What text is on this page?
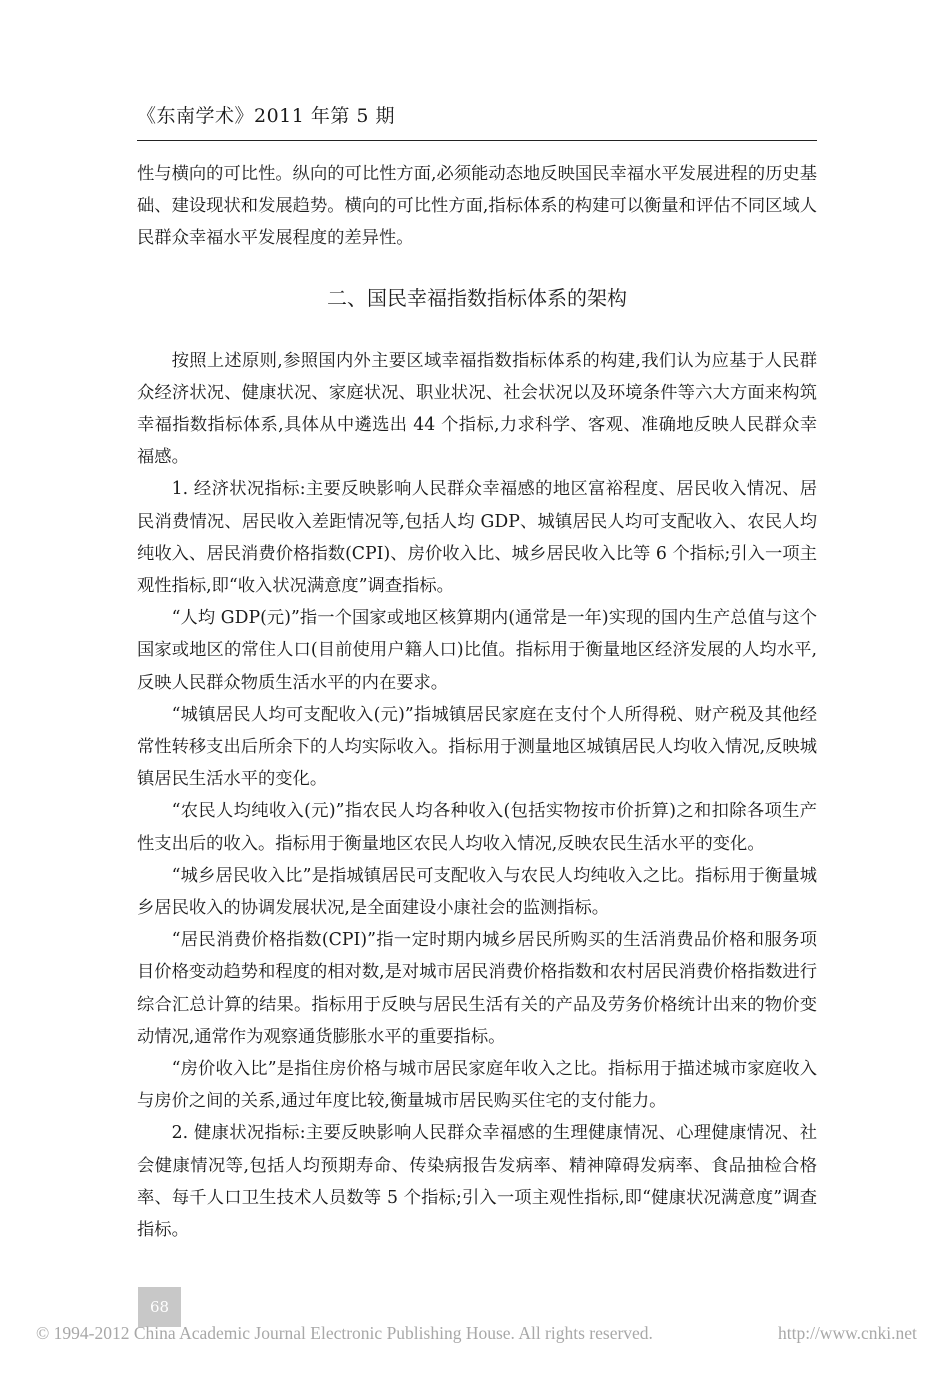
《东南学术》2011 年第 5 期

性与横向的可比性。纵向的可比性方面,必须能动态地反映国民幸福水平发展进程的历史基础、建设现状和发展趋势。横向的可比性方面,指标体系的构建可以衡量和评估不同区域人民群众幸福水平发展程度的差异性。

二、国民幸福指数指标体系的架构

按照上述原则,参照国内外主要区域幸福指数指标体系的构建,我们认为应基于人民群众经济状况、健康状况、家庭状况、职业状况、社会状况以及环境条件等六大方面来构筑幸福指数指标体系,具体从中遴选出 44 个指标,力求科学、客观、准确地反映人民群众幸福感。

1. 经济状况指标:主要反映影响人民群众幸福感的地区富裕程度、居民收入情况、居民消费情况、居民收入差距情况等,包括人均 GDP、城镇居民人均可支配收入、农民人均纯收入、居民消费价格指数(CPI)、房价收入比、城乡居民收入比等 6 个指标;引入一项主观性指标,即“收入状况满意度”调查指标。

“人均 GDP(元)”指一个国家或地区核算期内(通常是一年)实现的国内生产总值与这个国家或地区的常住人口(目前使用户籍人口)比值。指标用于衡量地区经济发展的人均水平,反映人民群众物质生活水平的内在要求。

“城镇居民人均可支配收入(元)”指城镇居民家庭在支付个人所得税、财产税及其他经常性转移支出后所余下的人均实际收入。指标用于测量地区城镇居民人均收入情况,反映城镇居民生活水平的变化。

“农民人均纯收入(元)”指农民人均各种收入(包括实物按市价折算)之和扣除各项生产性支出后的收入。指标用于衡量地区农民人均收入情况,反映农民生活水平的变化。

“城乡居民收入比”是指城镇居民可支配收入与农民人均纯收入之比。指标用于衡量城乡居民收入的协调发展状况,是全面建设小康社会的监测指标。

“居民消费价格指数(CPI)”指一定时期内城乡居民所购买的生活消费品价格和服务项目价格变动趋势和程度的相对数,是对城市居民消费价格指数和农村居民消费价格指数进行综合汇总计算的结果。指标用于反映与居民生活有关的产品及劳务价格统计出来的物价变动情况,通常作为观察通货膨胀水平的重要指标。

“房价收入比”是指住房价格与城市居民家庭年收入之比。指标用于描述城市家庭收入与房价之间的关系,通过年度比较,衡量城市居民购买住宅的支付能力。

2. 健康状况指标:主要反映影响人民群众幸福感的生理健康情况、心理健康情况、社会健康情况等,包括人均预期寿命、传染病报告发病率、精神障碍发病率、食品抽检合格率、每千人口卫生技术人员数等 5 个指标;引入一项主观性指标,即“健康状况满意度”调查指标。

68
© 1994-2012 China Academic Journal Electronic Publishing House. All rights reserved.	http://www.cnki.net
